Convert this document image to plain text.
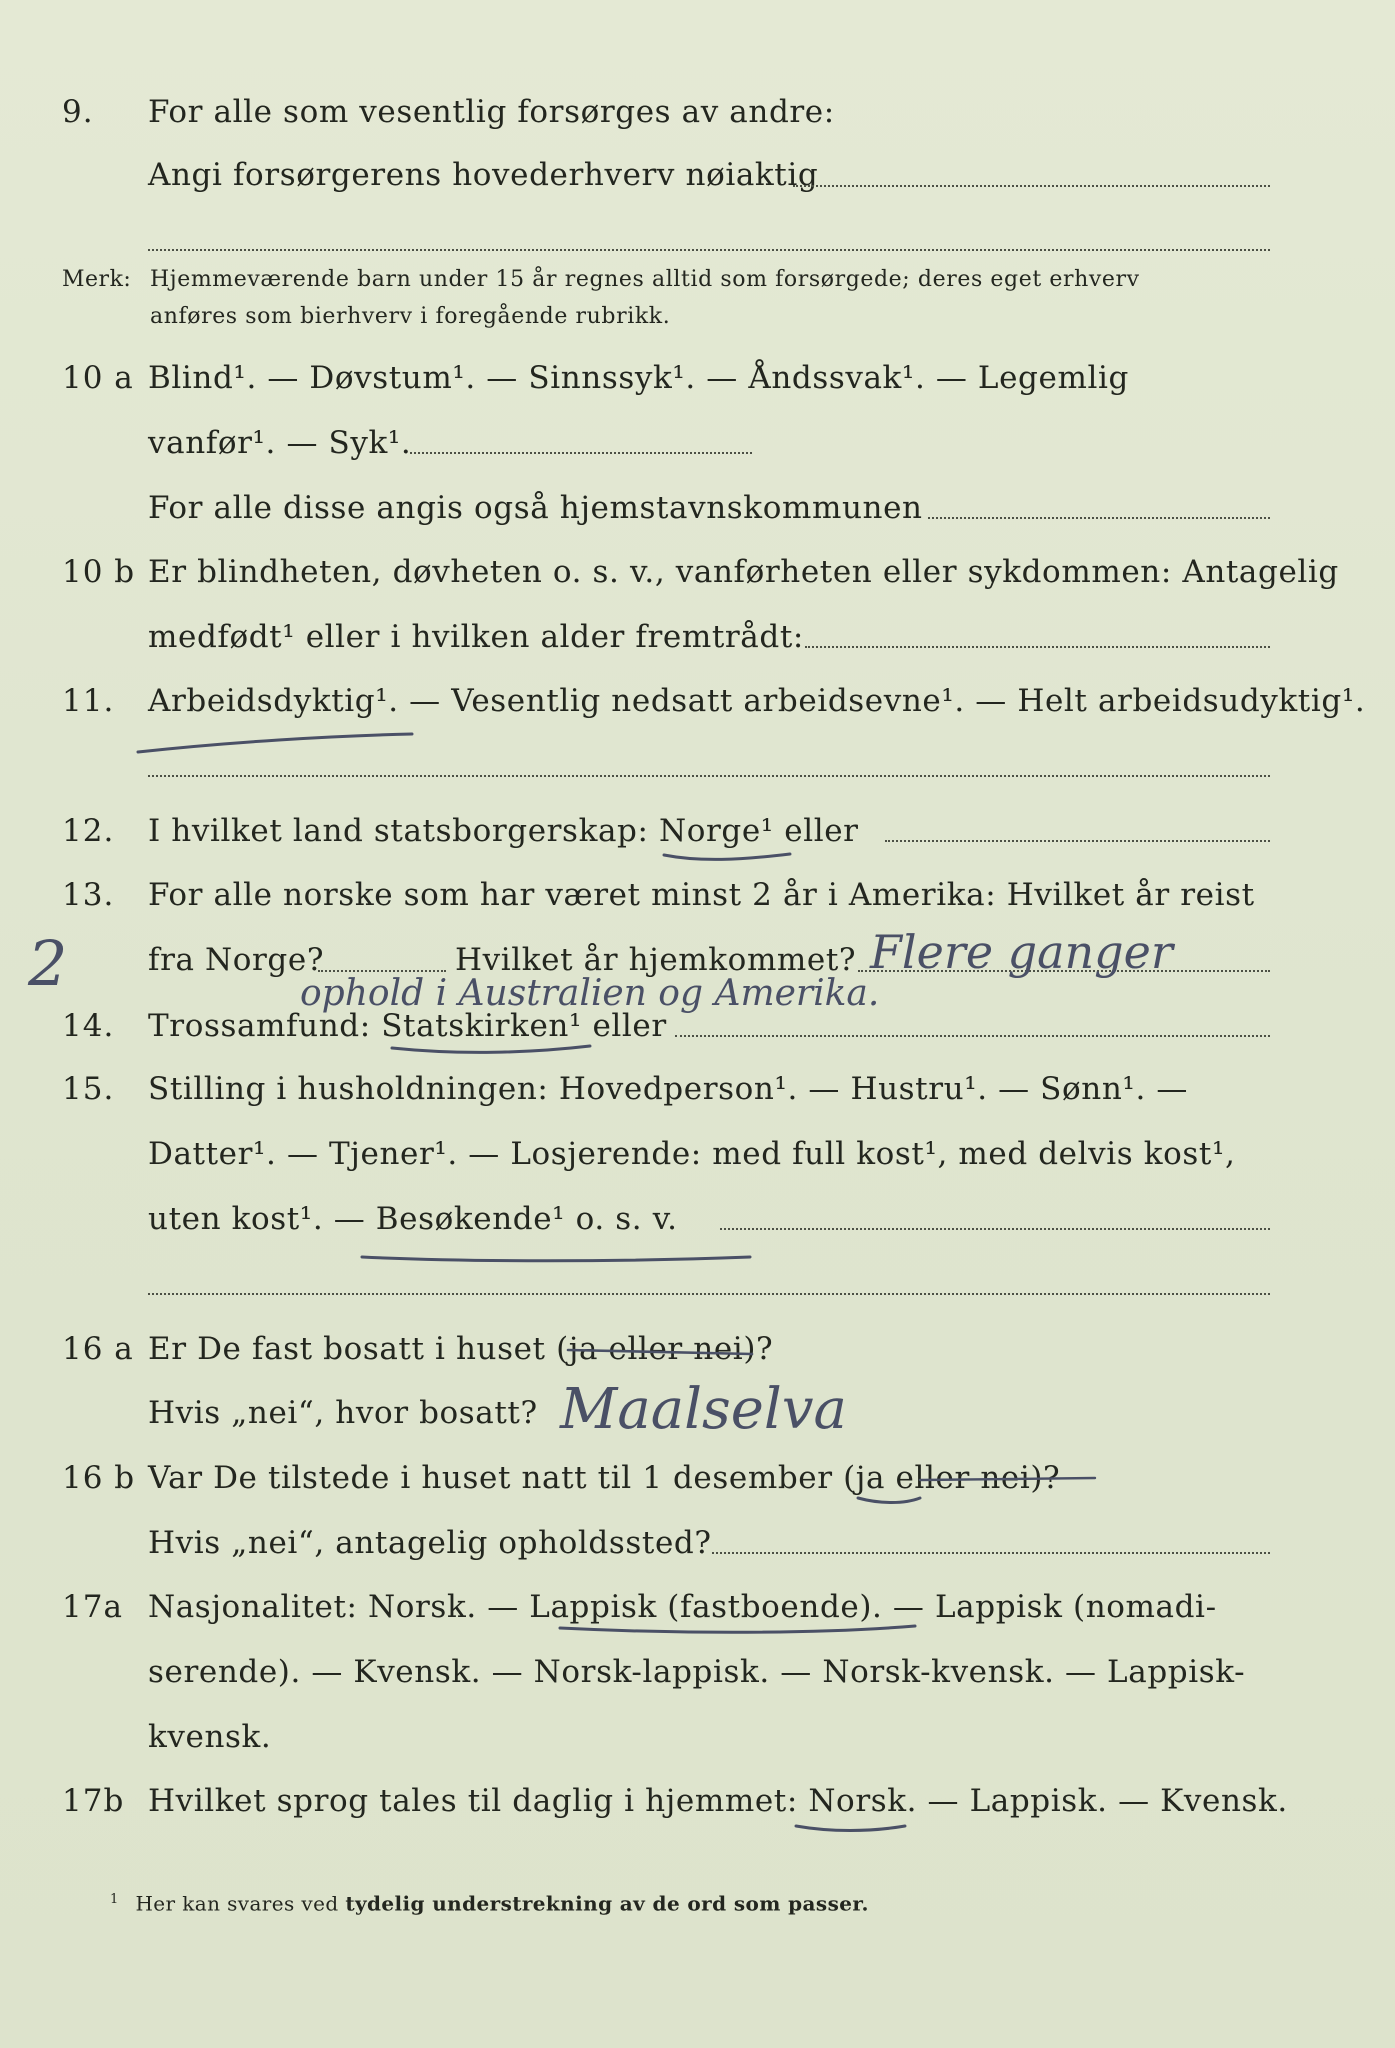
9. For alle som vesentlig forsørges av andre:
Angi forsørgerens hovederhverv nøiaktig
Merk: Hjemmeværende barn under 15 år regnes alltid som forsørgede; deres eget erhverv
anføres som bierhverv i foregående rubrikk.
10 a Blind¹. — Døvstum¹. — Sinnssyk¹. — Åndssvak¹. — Legemlig
vanfør¹. — Syk¹.
For alle disse angis også hjemstavnskommunen
10 b Er blindheten, døvheten o. s. v., vanførheten eller sykdommen: Antagelig
medfødt¹ eller i hvilken alder fremtrådt:
11. Arbeidsdyktig¹. — Vesentlig nedsatt arbeidsevne¹. — Helt arbeidsudyktig¹.
12. I hvilket land statsborgerskap: Norge¹ eller
13. For alle norske som har været minst 2 år i Amerika: Hvilket år reist
fra Norge?	Hvilket år hjemkommet?
14. Trossamfund: Statskirken¹ eller
15. Stilling i husholdningen: Hovedperson¹. — Hustru¹. — Sønn¹. —
Datter¹. — Tjener¹. — Losjerende: med full kost¹, med delvis kost¹,
uten kost¹. — Besøkende¹ o. s. v.
16 a Er De fast bosatt i huset (ja eller nei)?
Hvis „nei“, hvor bosatt?
16 b Var De tilstede i huset natt til 1 desember (ja eller nei)?
Hvis „nei“, antagelig opholdssted?
17a Nasjonalitet: Norsk. — Lappisk (fastboende). — Lappisk (nomadi-
serende). — Kvensk. — Norsk-lappisk. — Norsk-kvensk. — Lappisk-
kvensk.
17b Hvilket sprog tales til daglig i hjemmet: Norsk. — Lappisk. — Kvensk.
$^1$ Her kan svares ved tydelig understrekning av de ord som passer.
2	Flere ganger
ophold i Australien og Amerika.
Maalselva
